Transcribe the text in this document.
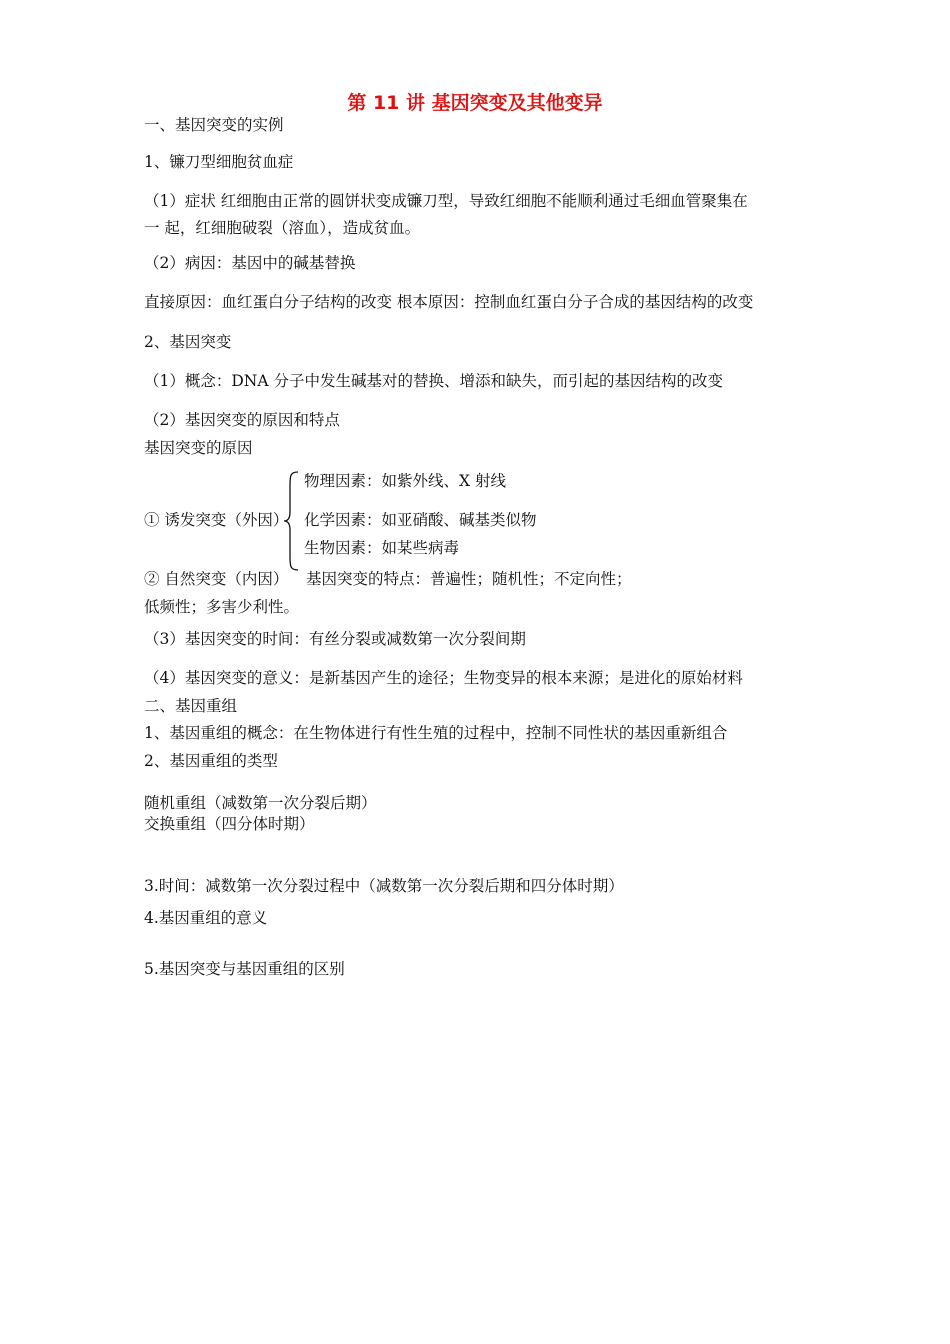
第 11 讲 基因突变及其他变异
一、基因突变的实例
1、镰刀型细胞贫血症
（1）症状 红细胞由正常的圆饼状变成镰刀型，导致红细胞不能顺利通过毛细血管聚集在
一 起，红细胞破裂（溶血），造成贫血。
（2）病因：基因中的碱基替换
直接原因：血红蛋白分子结构的改变 根本原因：控制血红蛋白分子合成的基因结构的改变
2、基因突变
（1）概念：DNA 分子中发生碱基对的替换、增添和缺失，而引起的基因结构的改变
（2）基因突变的原因和特点
基因突变的原因
物理因素：如紫外线、X 射线
① 诱发突变（外因） 化学因素：如亚硝酸、碱基类似物
生物因素：如某些病毒
② 自然突变（内因） 基因突变的特点：普遍性；随机性；不定向性；
低频性；多害少利性。
（3）基因突变的时间：有丝分裂或减数第一次分裂间期
（4）基因突变的意义：是新基因产生的途径；生物变异的根本来源；是进化的原始材料
二、基因重组
1、基因重组的概念：在生物体进行有性生殖的过程中，控制不同性状的基因重新组合
2、基因重组的类型
随机重组（减数第一次分裂后期）
交换重组（四分体时期）
3.时间：减数第一次分裂过程中（减数第一次分裂后期和四分体时期）
4.基因重组的意义
5.基因突变与基因重组的区别
